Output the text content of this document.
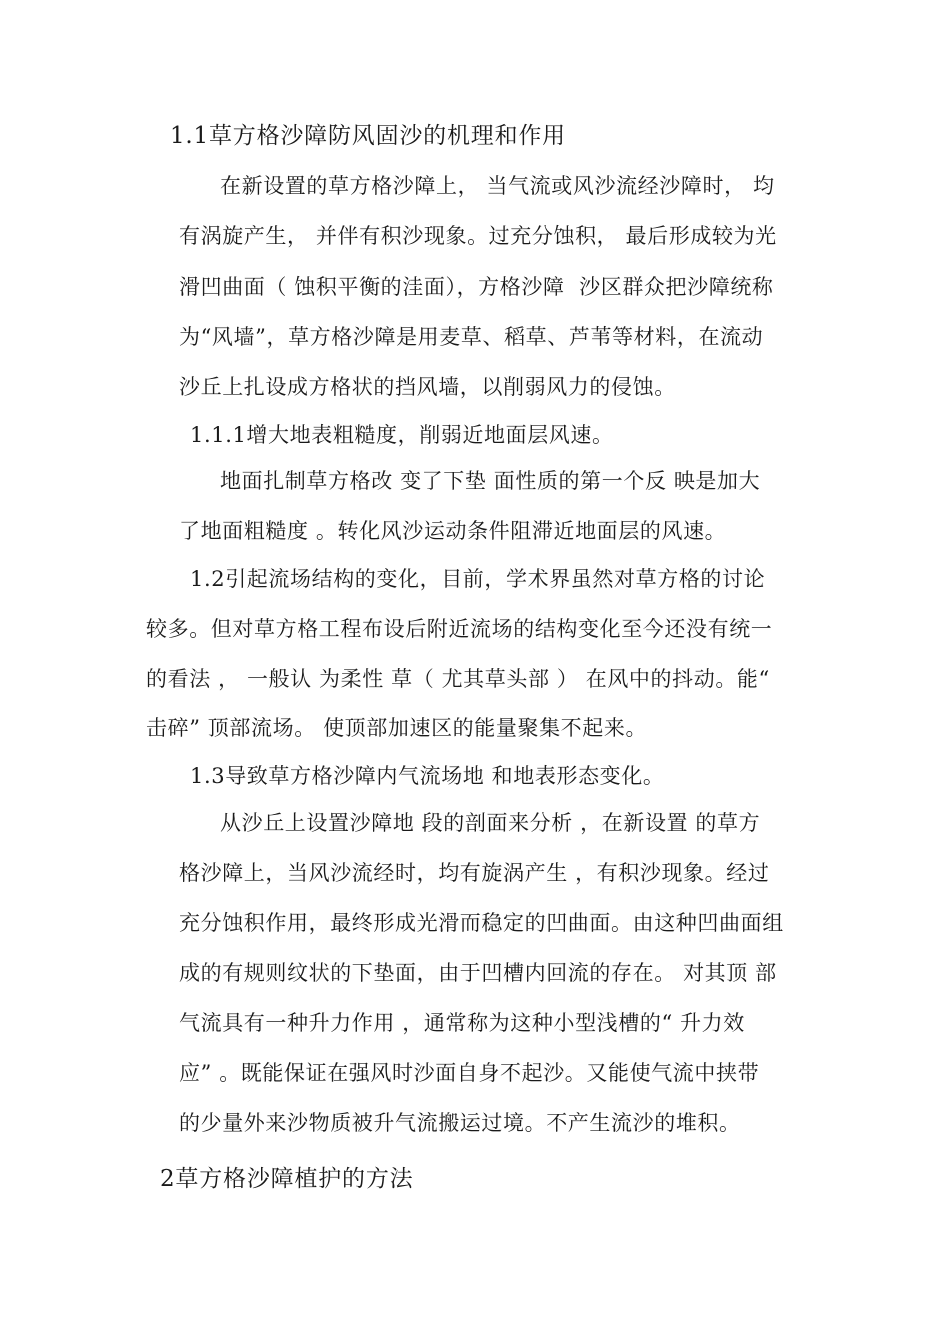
1.1草方格沙障防风固沙的机理和作用
在新设置的草方格沙障上， 当气流或风沙流经沙障时， 均
有涡旋产生， 并伴有积沙现象。过充分蚀积， 最后形成较为光
滑凹曲面（ 蚀积平衡的洼面），方格沙障  沙区群众把沙障统称
为“风墙”，草方格沙障是用麦草、稻草、芦苇等材料，在流动
沙丘上扎设成方格状的挡风墙，以削弱风力的侵蚀。
1.1.1增大地表粗糙度，削弱近地面层风速。
地面扎制草方格改 变了下垫 面性质的第一个反 映是加大
了地面粗糙度 。转化风沙运动条件阻滞近地面层的风速。
1.2引起流场结构的变化，目前，学术界虽然对草方格的讨论
较多。但对草方格工程布设后附近流场的结构变化至今还没有统一
的看法 ， 一般认 为柔性 草（ 尤其草头部 ） 在风中的抖动。能“
击碎” 顶部流场。 使顶部加速区的能量聚集不起来。
1.3导致草方格沙障内气流场地 和地表形态变化。
从沙丘上设置沙障地 段的剖面来分析 ，在新设置 的草方
格沙障上，当风沙流经时，均有旋涡产生 ，有积沙现象。经过
充分蚀积作用，最终形成光滑而稳定的凹曲面。由这种凹曲面组
成的有规则纹状的下垫面，由于凹槽内回流的存在。 对其顶 部
气流具有一种升力作用 ，通常称为这种小型浅槽的“ 升力效
应” 。既能保证在强风时沙面自身不起沙。又能使气流中挟带
的少量外来沙物质被升气流搬运过境。不产生流沙的堆积。
2草方格沙障植护的方法
